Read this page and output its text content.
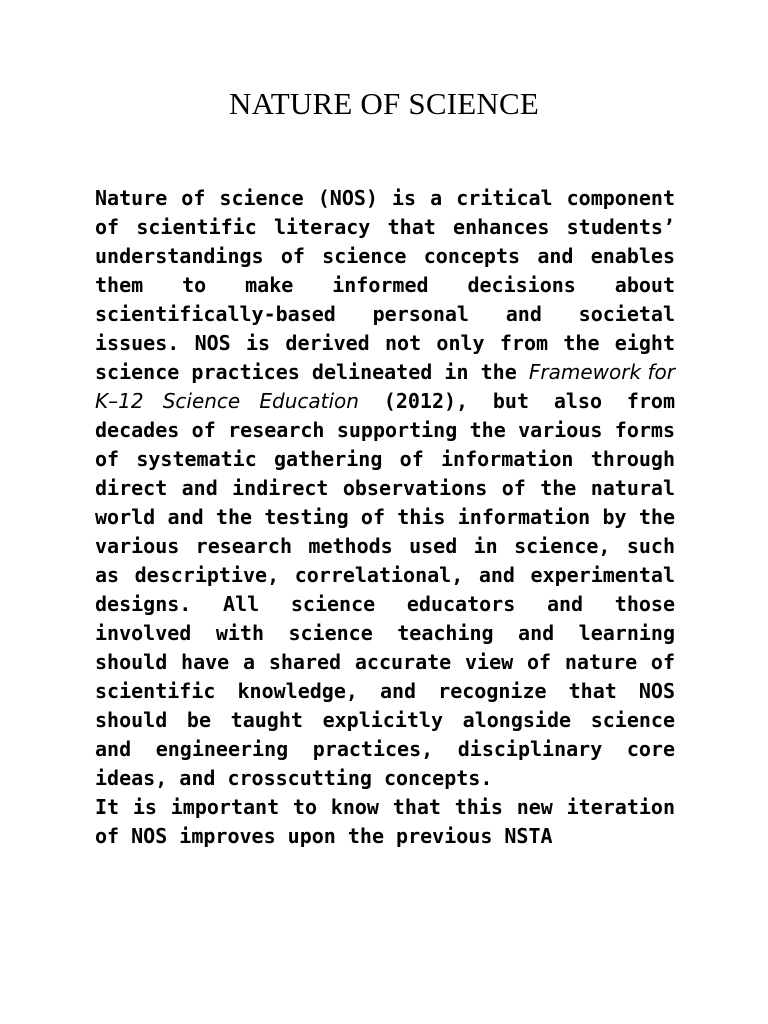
NATURE OF SCIENCE

Nature of science (NOS) is a critical component of scientific literacy that enhances students’ understandings of science concepts and enables them to make informed decisions about scientifically-based personal and societal issues. NOS is derived not only from the eight science practices delineated in the Framework for K–12 Science Education (2012), but also from decades of research supporting the various forms of systematic gathering of information through direct and indirect observations of the natural world and the testing of this information by the various research methods used in science, such as descriptive, correlational, and experimental designs. All science educators and those involved with science teaching and learning should have a shared accurate view of nature of scientific knowledge, and recognize that NOS should be taught explicitly alongside science and engineering practices, disciplinary core ideas, and crosscutting concepts.

It is important to know that this new iteration of NOS improves upon the previous NSTA
